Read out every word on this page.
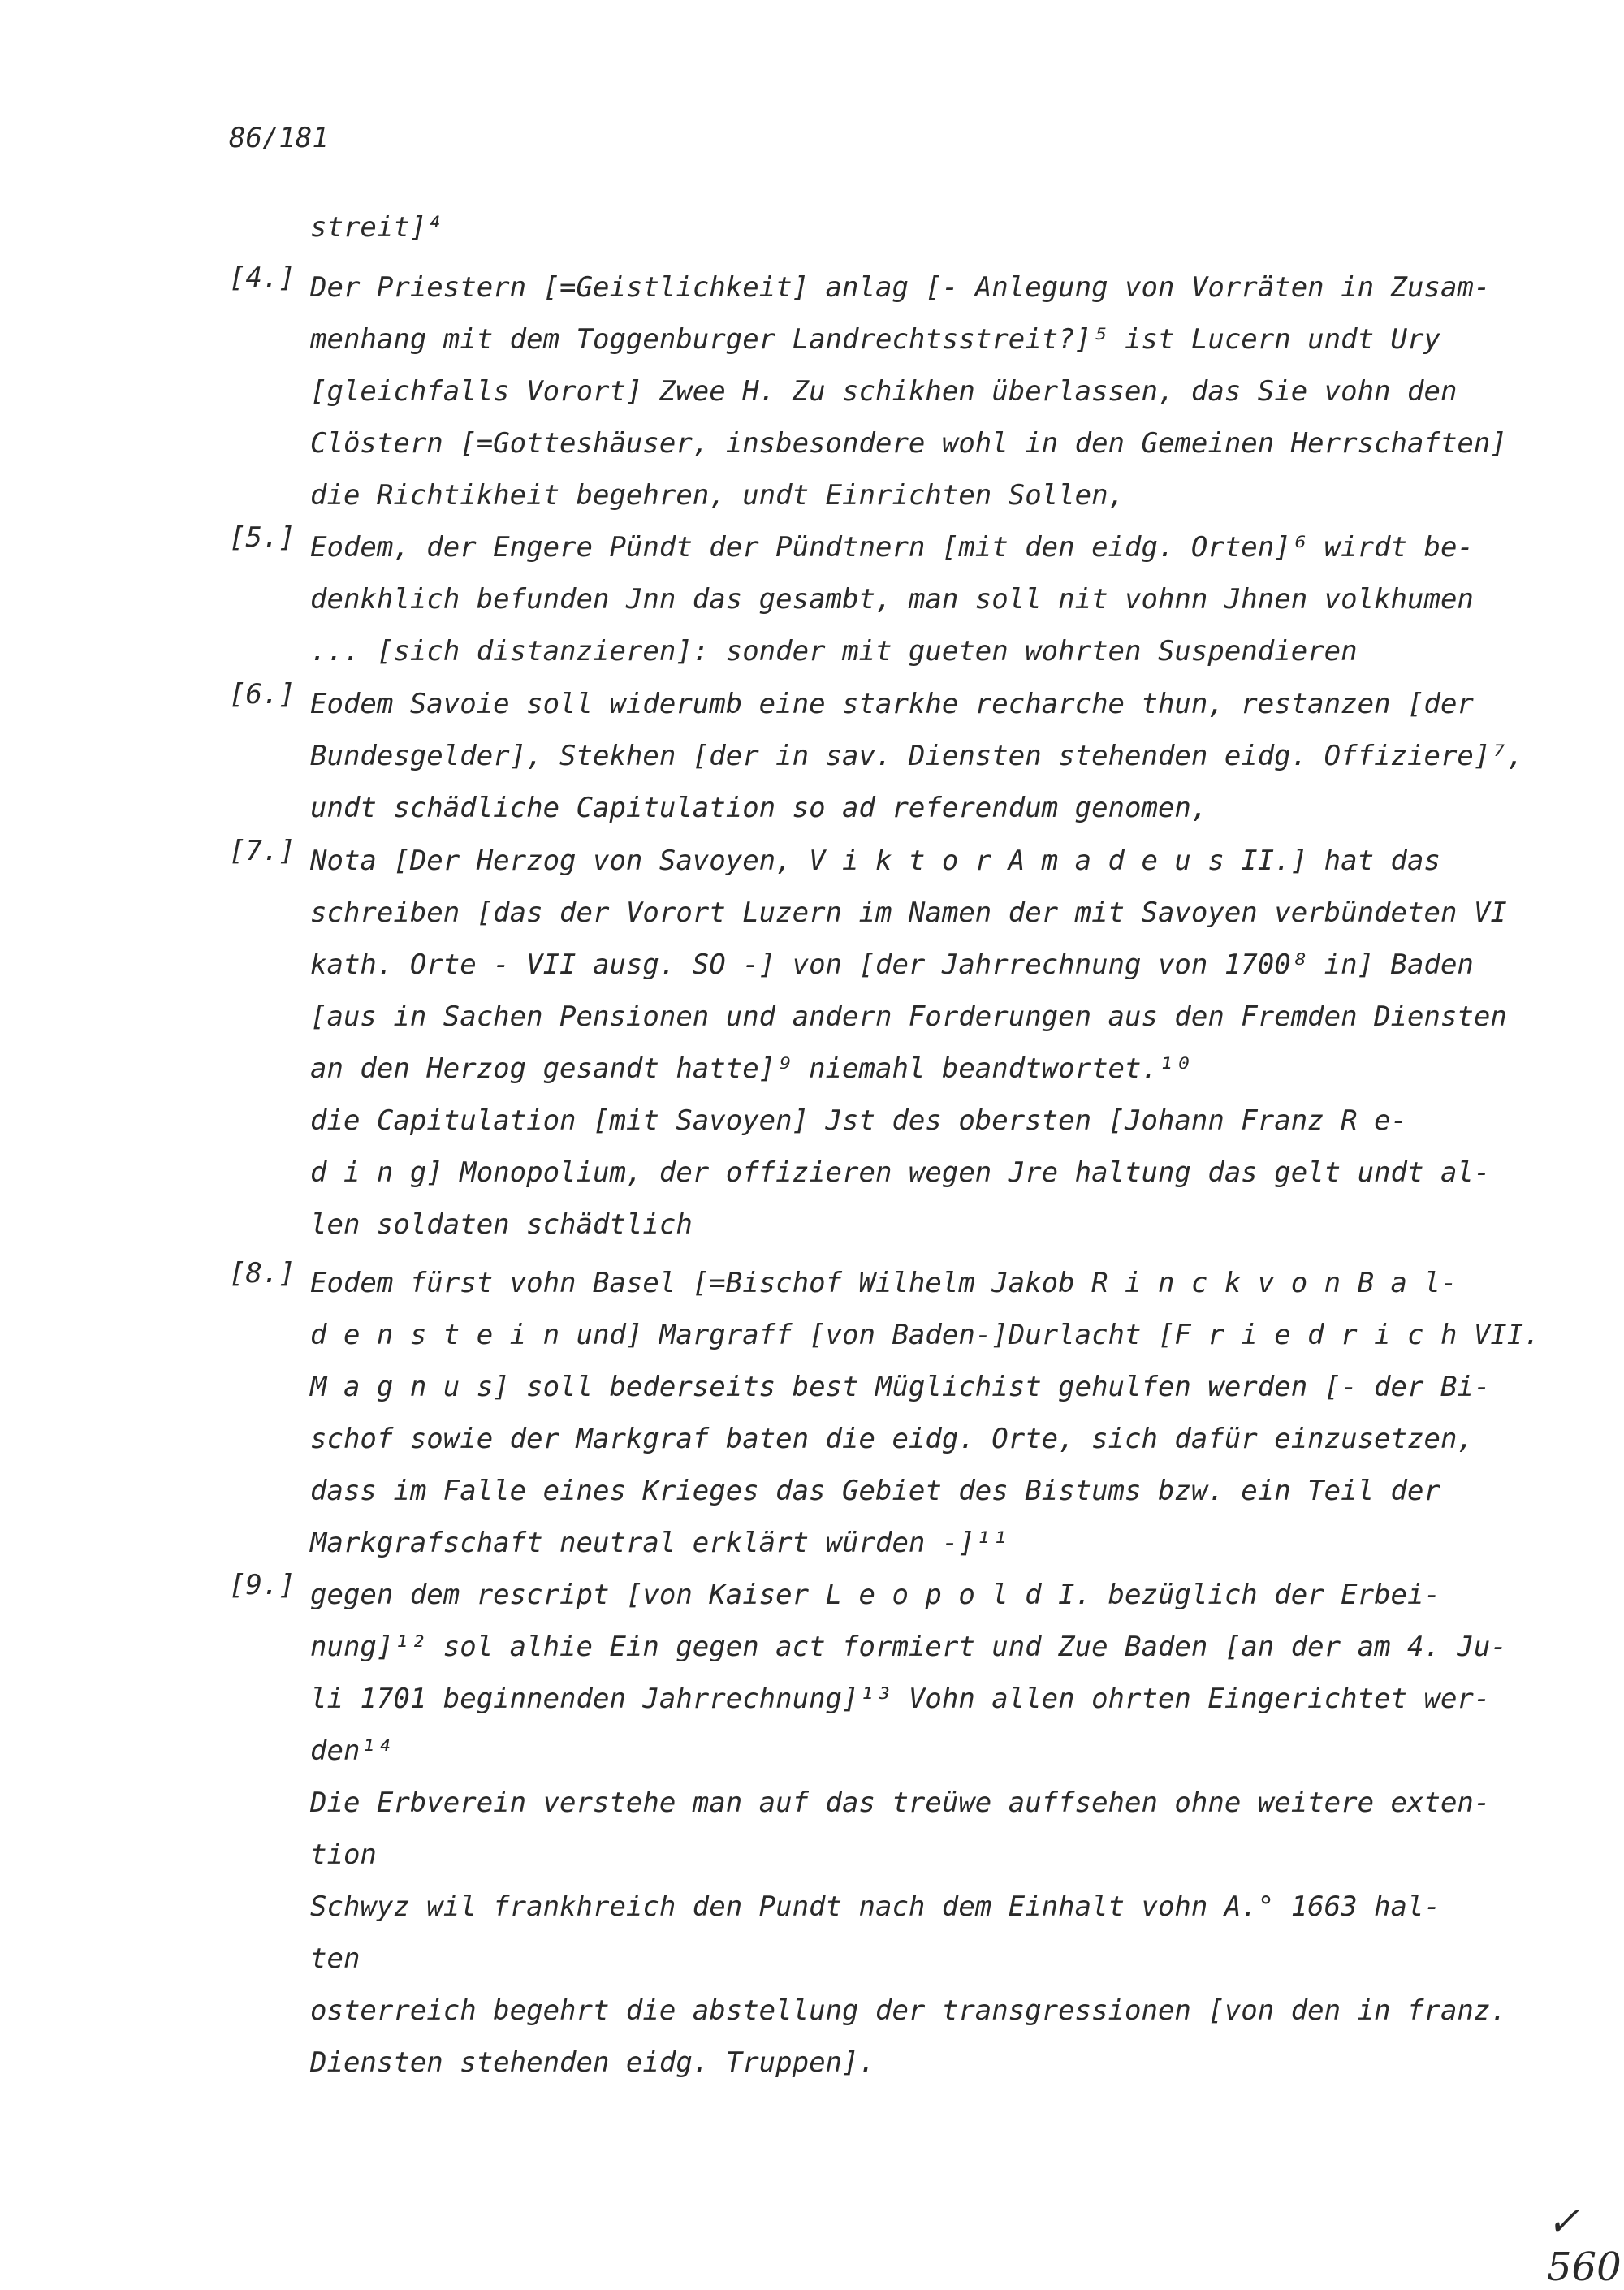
86/181
streit]⁴
[4.] Der Priestern [=Geistlichkeit] anlag [- Anlegung von Vorräten in Zusam-
menhang mit dem Toggenburger Landrechtsstreit?]⁵ ist Lucern undt Ury
[gleichfalls Vorort] Zwee H. Zu schikhen überlassen, das Sie vohn den
Clöstern [=Gotteshäuser, insbesondere wohl in den Gemeinen Herrschaften]
die Richtikheit begehren, undt Einrichten Sollen,
[5.] Eodem, der Engere Pündt der Pündtnern [mit den eidg. Orten]⁶ wirdt be-
denkhlich befunden Jnn das gesambt, man soll nit vohnn Jhnen volkhumen
... [sich distanzieren]: sonder mit gueten wohrten Suspendieren
[6.] Eodem Savoie soll widerumb eine starkhe recharche thun, restanzen [der
Bundesgelder], Stekhen [der in sav. Diensten stehenden eidg. Offiziere]⁷,
undt schädliche Capitulation so ad referendum genomen,
[7.] Nota [Der Herzog von Savoyen, V i k t o r A m a d e u s II.] hat das
schreiben [das der Vorort Luzern im Namen der mit Savoyen verbündeten VI
kath. Orte - VII ausg. SO -] von [der Jahrrechnung von 1700⁸ in] Baden
[aus in Sachen Pensionen und andern Forderungen aus den Fremden Diensten
an den Herzog gesandt hatte]⁹ niemahl beandtwortet.¹⁰
die Capitulation [mit Savoyen] Jst des obersten [Johann Franz R e-
d i n g] Monopolium, der offizieren wegen Jre haltung das gelt undt al-
len soldaten schädtlich
[8.] Eodem fürst vohn Basel [=Bischof Wilhelm Jakob R i n c k v o n B a l-
d e n s t e i n und] Margraff [von Baden-]Durlacht [F r i e d r i c h VII.
M a g n u s] soll bederseits best Müglichist gehulfen werden [- der Bi-
schof sowie der Markgraf baten die eidg. Orte, sich dafür einzusetzen,
dass im Falle eines Krieges das Gebiet des Bistums bzw. ein Teil der
Markgrafschaft neutral erklärt würden -]¹¹
[9.] gegen dem rescript [von Kaiser L e o p o l d I. bezüglich der Erbei-
nung]¹² sol alhie Ein gegen act formiert und Zue Baden [an der am 4. Ju-
li 1701 beginnenden Jahrrechnung]¹³ Vohn allen ohrten Eingerichtet wer-
den¹⁴
Die Erbverein verstehe man auf das treüwe auffsehen ohne weitere exten-
tion
Schwyz wil frankhreich den Pundt nach dem Einhalt vohn A.° 1663 hal-
ten
osterreich begehrt die abstellung der transgressionen [von den in franz.
Diensten stehenden eidg. Truppen].
✓ 560
